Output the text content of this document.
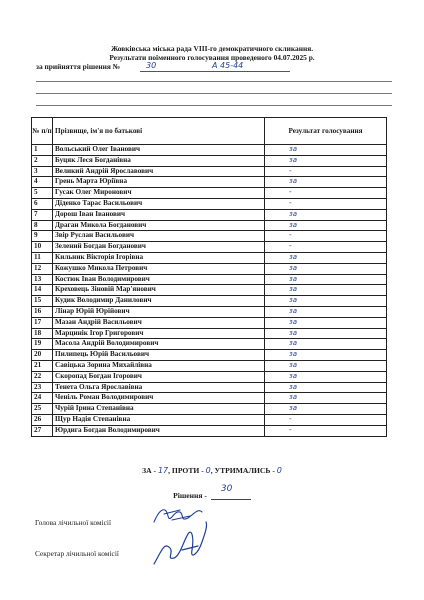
Жовківська міська рада VIII-го демократичного скликання.
Результати поіменного голосування проведеного 04.07.2025 р.
за прийняття рішення №	30	А 45-44
№ п/п	Прізвище, ім'я по батькові	Результат голосування
1	Вольський Олег Іванович	за
2	Буцяк Леся Богданівна	за
3	Великий Андрій Ярославович	-
4	Грень Марта Юріївна	за
5	Гусак Олег Миронович	-
6	Діденко Тарас Васильович	-
7	Дорош Іван Іванович	за
8	Драган Микола Богданович	за
9	Звір Руслан Васильович	-
10	Зелений Богдан Богданович	-
11	Кильник Вікторія Ігорівна	за
12	Кожушко Микола Петрович	за
13	Костюк Іван Володимирович	за
14	Креховець Зіновій Мар'янович	за
15	Кудик Володимир Данилович	за
16	Лінар Юрій Юрійович	за
17	Мазан Андрій Васильович	за
18	Марцинік Ігор Григорович	за
19	Масола Андрій Володимирович	за
20	Пилипець Юрій Васильович	за
21	Савіцька Зорина Михайлівна	за
22	Скоропад Богдан Ігорович	за
23	Тенета Ольга Ярославівна	за
24	Ченіль Роман Володимирович	за
25	Чурій Ірина Степанівна	за
26	Щур Надія Степанівна	-
27	Юрдига Богдан Володимирович	-
ЗА - 17, ПРОТИ - 0, УТРИМАЛИСЬ - 0
Рішення -
30
Голова лічильної комісії
Секретар лічильної комісії
